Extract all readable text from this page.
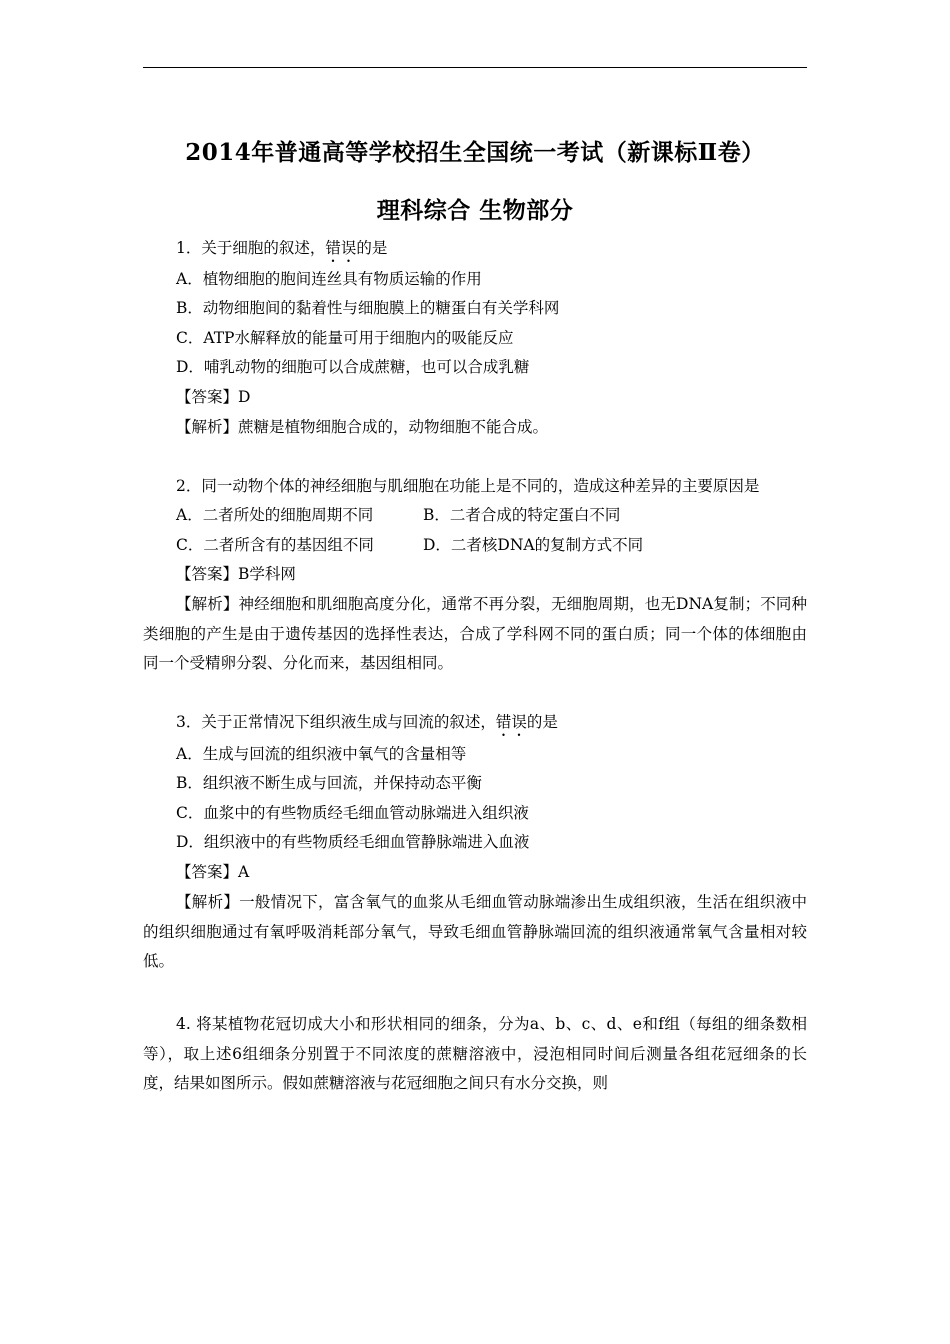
2014年普通高等学校招生全国统一考试（新课标Ⅱ卷）
理科综合 生物部分
1．关于细胞的叙述，错误的是
A．植物细胞的胞间连丝具有物质运输的作用
B．动物细胞间的黏着性与细胞膜上的糖蛋白有关学科网
C．ATP水解释放的能量可用于细胞内的吸能反应
D．哺乳动物的细胞可以合成蔗糖，也可以合成乳糖
【答案】D
【解析】蔗糖是植物细胞合成的，动物细胞不能合成。
2．同一动物个体的神经细胞与肌细胞在功能上是不同的，造成这种差异的主要原因是
A．二者所处的细胞周期不同	B．二者合成的特定蛋白不同
C．二者所含有的基因组不同	D．二者核DNA的复制方式不同
【答案】B学科网
【解析】神经细胞和肌细胞高度分化，通常不再分裂，无细胞周期，也无DNA复制；不同种类细胞的产生是由于遗传基因的选择性表达，合成了学科网不同的蛋白质；同一个体的体细胞由同一个受精卵分裂、分化而来，基因组相同。
3．关于正常情况下组织液生成与回流的叙述，错误的是
A．生成与回流的组织液中氧气的含量相等
B．组织液不断生成与回流，并保持动态平衡
C．血浆中的有些物质经毛细血管动脉端进入组织液
D．组织液中的有些物质经毛细血管静脉端进入血液
【答案】A
【解析】一般情况下，富含氧气的血浆从毛细血管动脉端渗出生成组织液，生活在组织液中的组织细胞通过有氧呼吸消耗部分氧气，导致毛细血管静脉端回流的组织液通常氧气含量相对较低。
4. 将某植物花冠切成大小和形状相同的细条，分为a、b、c、d、e和f组（每组的细条数相等），取上述6组细条分别置于不同浓度的蔗糖溶液中，浸泡相同时间后测量各组花冠细条的长度，结果如图所示。假如蔗糖溶液与花冠细胞之间只有水分交换，则
